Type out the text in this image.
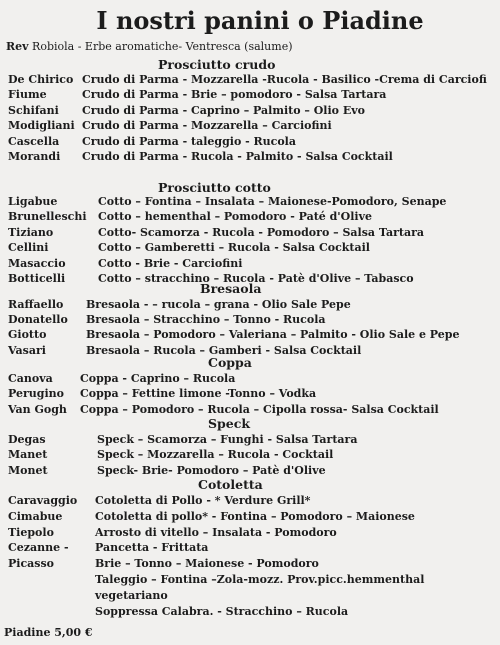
I nostri panini o Piadine
Rev Robiola - Erbe aromatiche- Ventresca (salume)
Prosciutto crudo
De Chirico Crudo di Parma - Mozzarella -Rucola - Basilico -Crema di Carciofi
Fiume	Crudo di Parma - Brie – pomodoro - Salsa Tartara
Schifani Crudo di Parma - Caprino – Palmito – Olio Evo
Modigliani Crudo di Parma - Mozzarella – Carciofini
Cascella Crudo di Parma - taleggio - Rucola
Morandi Crudo di Parma - Rucola - Palmito - Salsa Cocktail
Prosciutto cotto
Ligabue	Cotto – Fontina – Insalata – Maionese-Pomodoro, Senape
Brunelleschi Cotto – hementhal – Pomodoro - Paté d'Olive
Tiziano	Cotto- Scamorza - Rucola - Pomodoro – Salsa Tartara
Cellini	Cotto – Gamberetti – Rucola - Salsa Cocktail
Masaccio	Cotto - Brie - Carciofini
Botticelli	Cotto – stracchino – Rucola - Patè d'Olive – Tabasco
Bresaola
Raffaello Bresaola - – rucola – grana - Olio Sale Pepe
Donatello Bresaola – Stracchino – Tonno - Rucola
Giotto	Bresaola – Pomodoro – Valeriana – Palmito - Olio Sale e Pepe
Vasari	Bresaola – Rucola – Gamberi - Salsa Cocktail
Coppa
Canova Coppa - Caprino – Rucola
Perugino Coppa – Fettine limone -Tonno – Vodka
Van Gogh Coppa – Pomodoro – Rucola – Cipolla rossa- Salsa Cocktail
Speck
Degas	Speck – Scamorza – Funghi - Salsa Tartara
Manet	Speck – Mozzarella – Rucola - Cocktail
Monet	Speck- Brie- Pomodoro – Patè d'Olive
Cotoletta
Caravaggio Cotoletta di Pollo - * Verdure Grill*
Cimabue	Cotoletta di pollo* - Fontina – Pomodoro – Maionese
Tiepolo	Arrosto di vitello – Insalata - Pomodoro
Cezanne - Pancetta - Frittata
Picasso	Brie – Tonno – Maionese - Pomodoro
Taleggio – Fontina –Zola-mozz. Prov.picc.hemmenthal
vegetariano
Soppressa Calabra. - Stracchino – Rucola
Piadine 5,00 €
